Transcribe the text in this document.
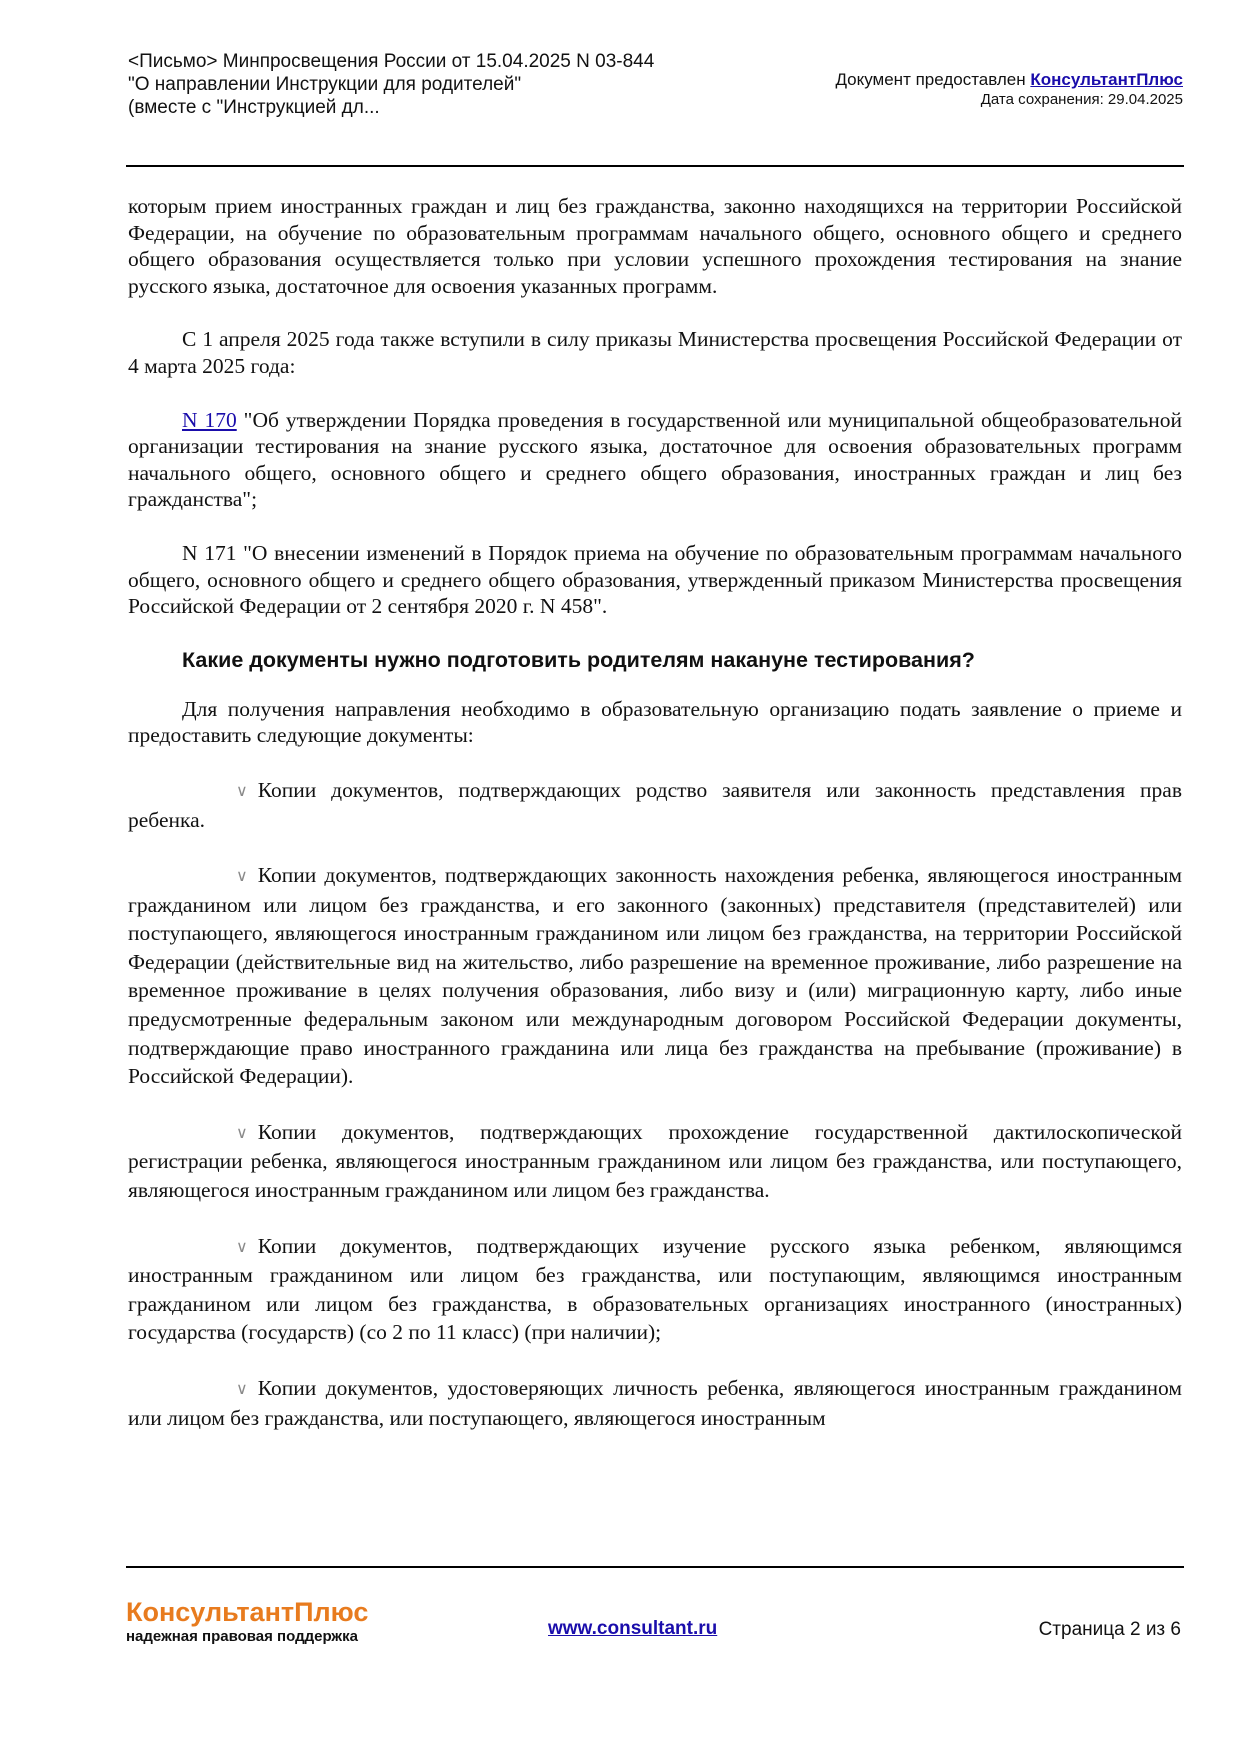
<Письмо> Минпросвещения России от 15.04.2025 N 03-844
"О направлении Инструкции для родителей"
(вместе с "Инструкцией дл...
Документ предоставлен КонсультантПлюс
Дата сохранения: 29.04.2025

которым прием иностранных граждан и лиц без гражданства, законно находящихся на территории Российской Федерации, на обучение по образовательным программам начального общего, основного общего и среднего общего образования осуществляется только при условии успешного прохождения тестирования на знание русского языка, достаточное для освоения указанных программ.

С 1 апреля 2025 года также вступили в силу приказы Министерства просвещения Российской Федерации от 4 марта 2025 года:

N 170 "Об утверждении Порядка проведения в государственной или муниципальной общеобразовательной организации тестирования на знание русского языка, достаточное для освоения образовательных программ начального общего, основного общего и среднего общего образования, иностранных граждан и лиц без гражданства";

N 171 "О внесении изменений в Порядок приема на обучение по образовательным программам начального общего, основного общего и среднего общего образования, утвержденный приказом Министерства просвещения Российской Федерации от 2 сентября 2020 г. N 458".

Какие документы нужно подготовить родителям накануне тестирования?

Для получения направления необходимо в образовательную организацию подать заявление о приеме и предоставить следующие документы:

∨ Копии документов, подтверждающих родство заявителя или законность представления прав ребенка.

∨ Копии документов, подтверждающих законность нахождения ребенка, являющегося иностранным гражданином или лицом без гражданства, и его законного (законных) представителя (представителей) или поступающего, являющегося иностранным гражданином или лицом без гражданства, на территории Российской Федерации (действительные вид на жительство, либо разрешение на временное проживание, либо разрешение на временное проживание в целях получения образования, либо визу и (или) миграционную карту, либо иные предусмотренные федеральным законом или международным договором Российской Федерации документы, подтверждающие право иностранного гражданина или лица без гражданства на пребывание (проживание) в Российской Федерации).

∨ Копии документов, подтверждающих прохождение государственной дактилоскопической регистрации ребенка, являющегося иностранным гражданином или лицом без гражданства, или поступающего, являющегося иностранным гражданином или лицом без гражданства.

∨ Копии документов, подтверждающих изучение русского языка ребенком, являющимся иностранным гражданином или лицом без гражданства, или поступающим, являющимся иностранным гражданином или лицом без гражданства, в образовательных организациях иностранного (иностранных) государства (государств) (со 2 по 11 класс) (при наличии);

∨ Копии документов, удостоверяющих личность ребенка, являющегося иностранным гражданином или лицом без гражданства, или поступающего, являющегося иностранным

КонсультантПлюс
надежная правовая поддержка	www.consultant.ru	Страница 2 из 6
